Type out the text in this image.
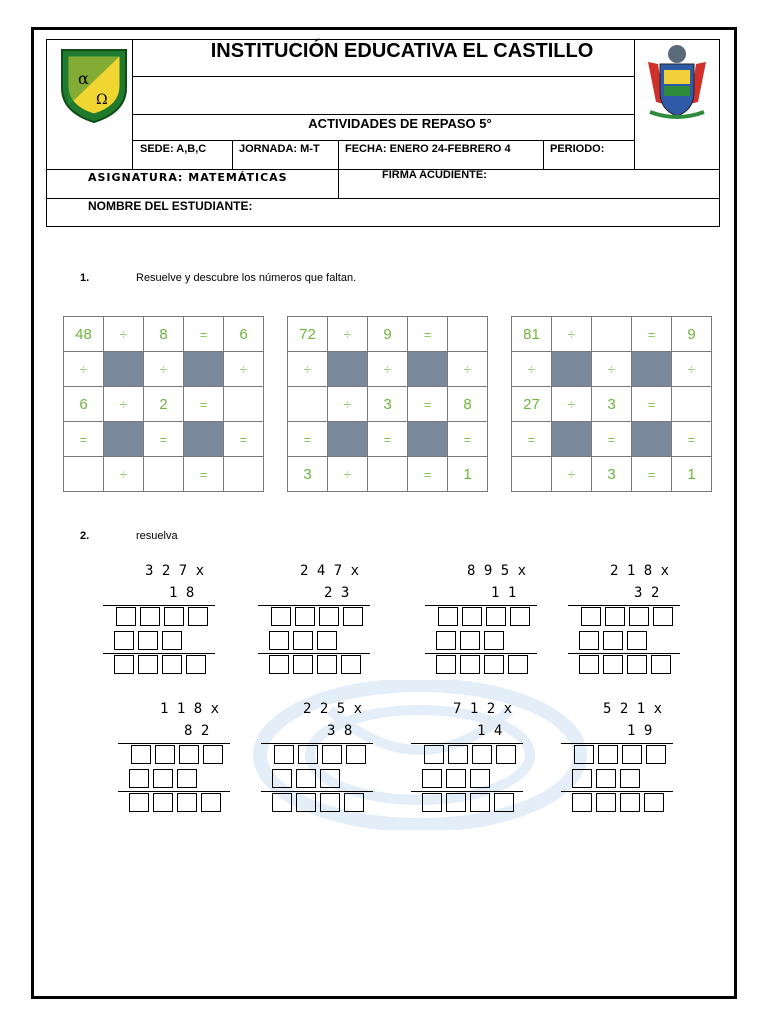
α
Ω
INSTITUCIÓN EDUCATIVA EL CASTILLO
ACTIVIDADES DE REPASO 5°
SEDE: A,B,C	JORNADA: M-T FECHA: ENERO 24-FEBRERO 4	PERIODO:
ASIGNATURA: MATEMÁTICAS	FIRMA ACUDIENTE:
NOMBRE DEL ESTUDIANTE:
1.	Resuelve y descubre los números que faltan.
48	÷	8	=	6
÷		÷		÷
6	÷	2	=	
=		=		=
	÷		=	
72	÷	9	=	
÷		÷		÷
	÷	3	=	8
=		=		=
3	÷		=	1
81	÷		=	9
÷		÷		÷
27	÷	3	=	
=		=		=
	÷	3	=	1
2.	resuelva
3 2 7 x
1 8
2 4 7 x
2 3
8 9 5 x
1 1
2 1 8 x
3 2
1 1 8 x
8 2
2 2 5 x
3 8
7 1 2 x
1 4
5 2 1 x
1 9
